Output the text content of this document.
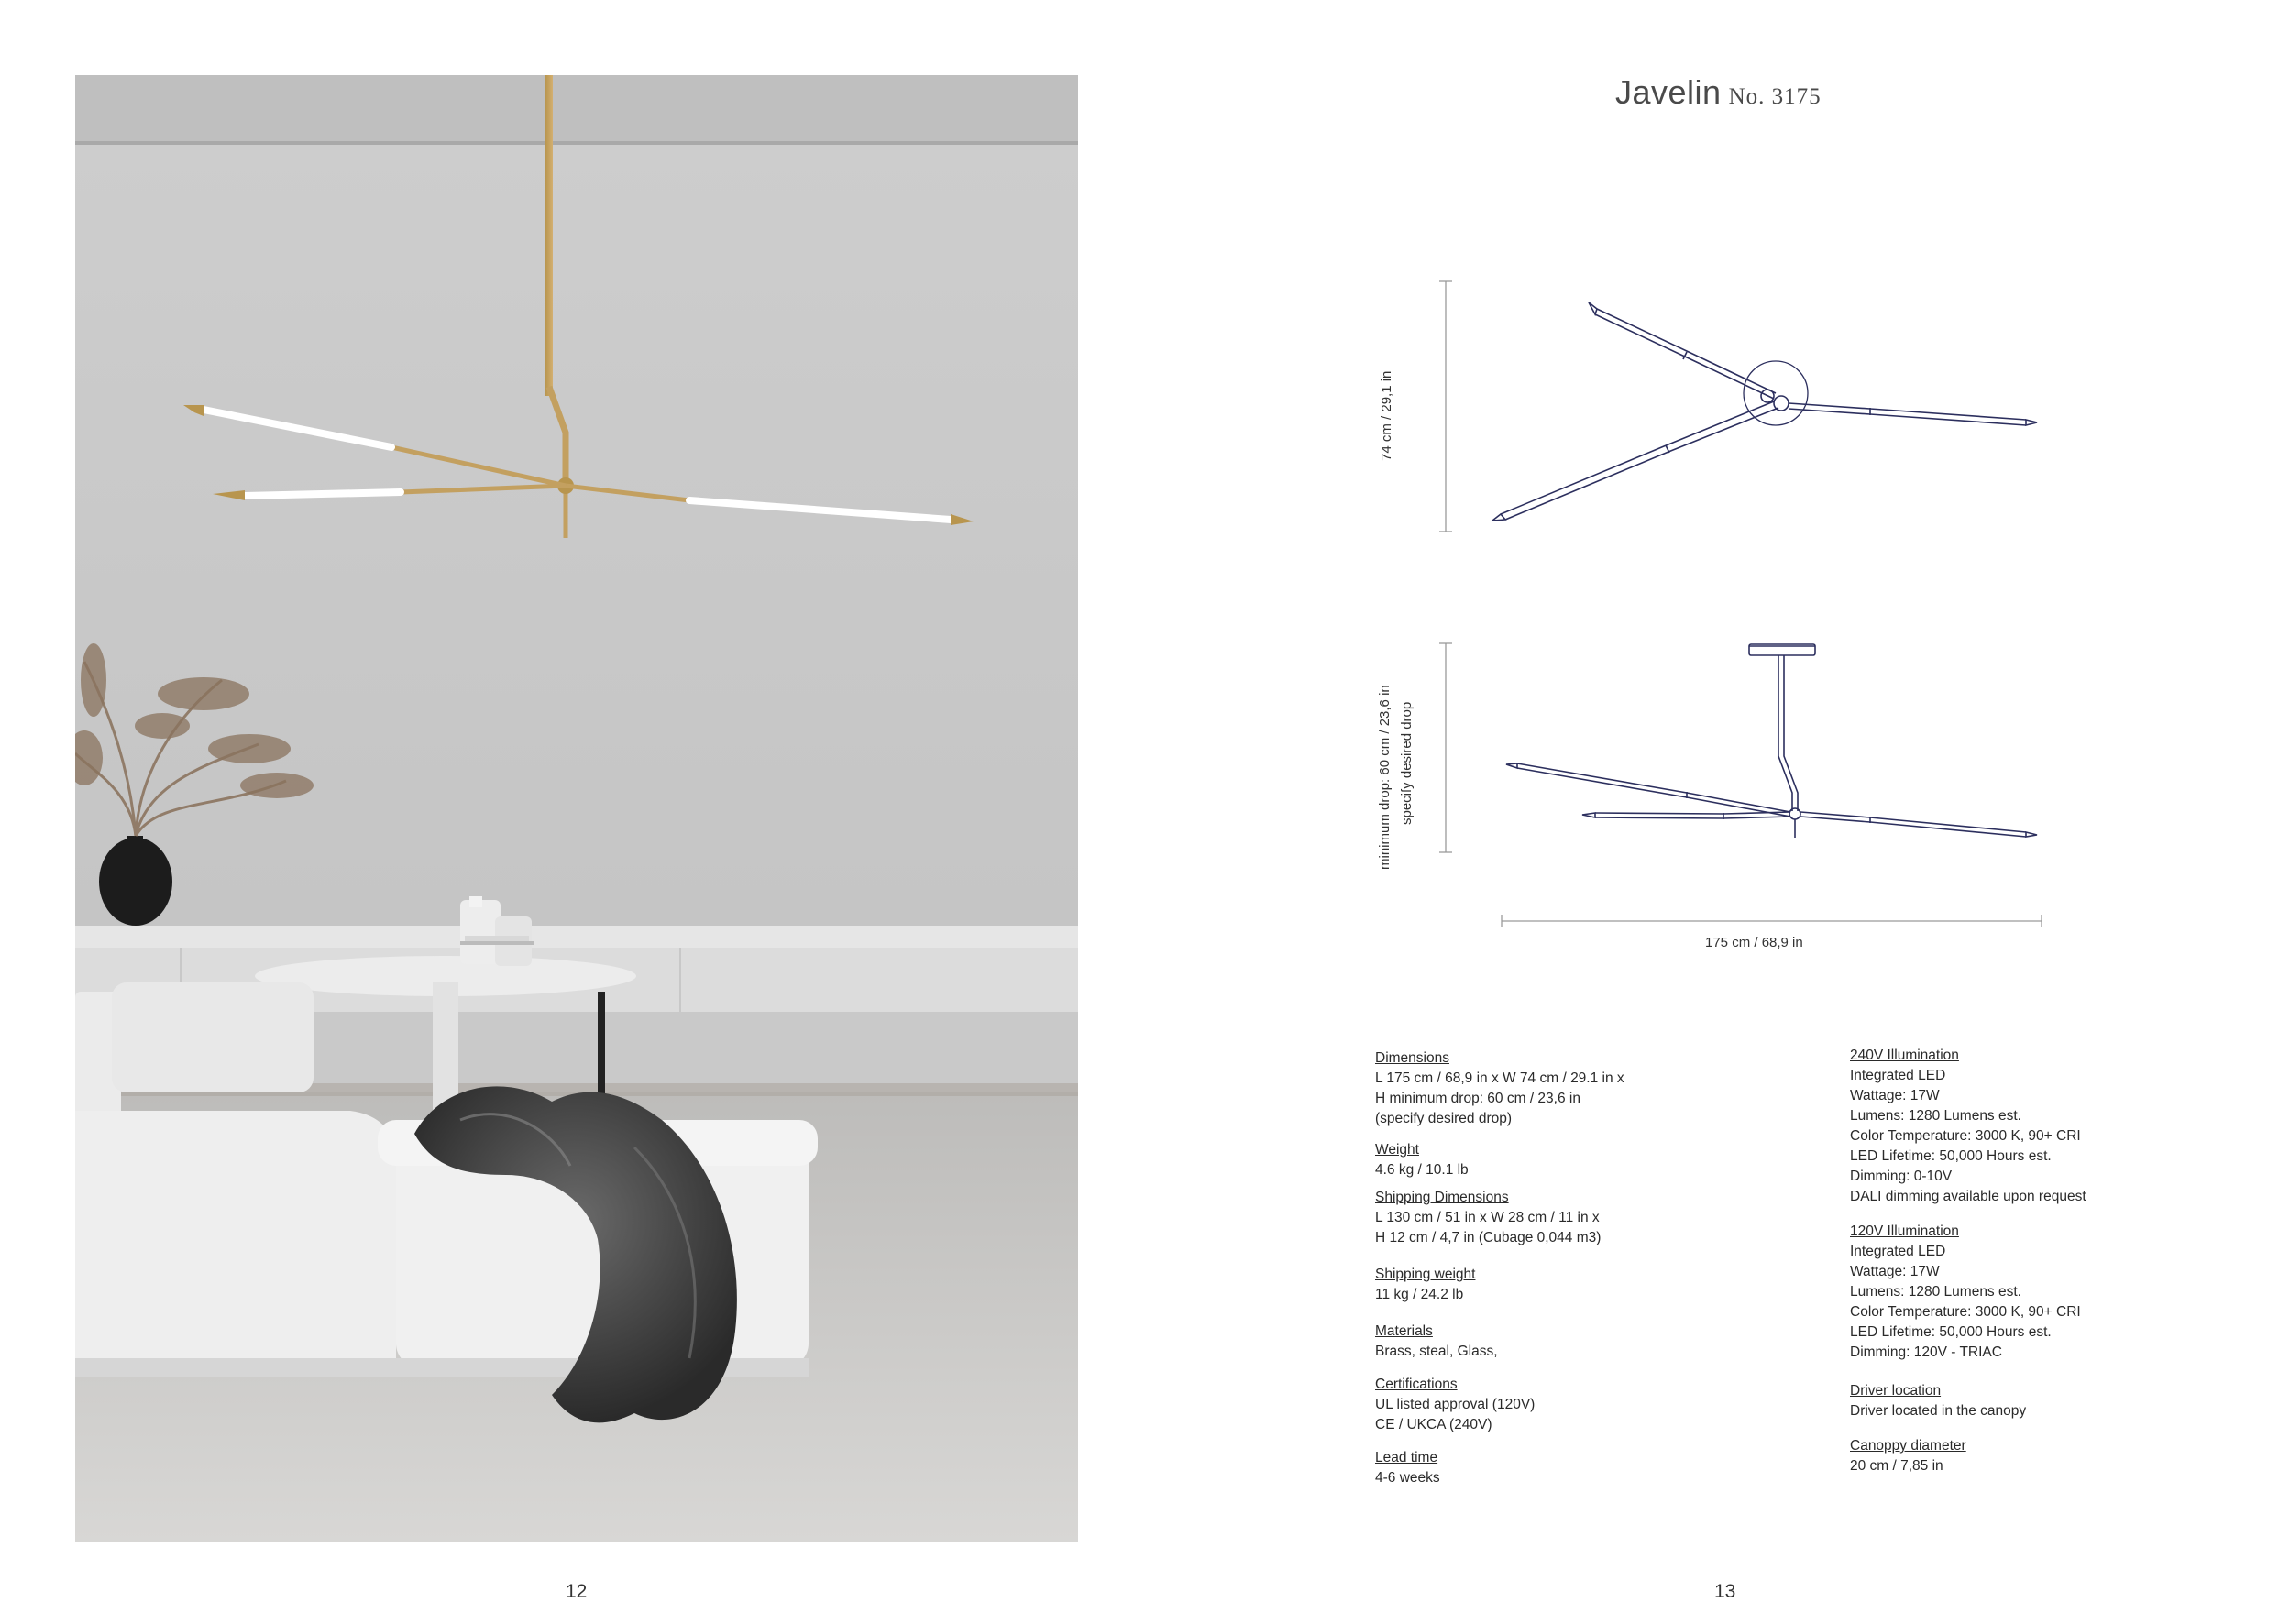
12
Javelin No. 3175
74 cm / 29,1 in
minimum drop: 60 cm / 23,6 in specify desired drop
175 cm / 68,9 in
Dimensions
L 175 cm / 68,9 in x W 74 cm / 29.1 in x
H minimum drop: 60 cm / 23,6 in
(specify desired drop)
Weight
4.6 kg / 10.1 lb
Shipping Dimensions
L 130 cm / 51 in x W 28 cm / 11 in x
H 12 cm / 4,7 in (Cubage 0,044 m3)
Shipping weight
11 kg / 24.2 lb
Materials
Brass, steal, Glass,
Certifications
UL listed approval (120V)
CE / UKCA (240V)
Lead time
4-6 weeks
240V Illumination
Integrated LED
Wattage: 17W
Lumens: 1280 Lumens est.
Color Temperature: 3000 K, 90+ CRI
LED Lifetime: 50,000 Hours est.
Dimming: 0-10V
DALI dimming available upon request
120V Illumination
Integrated LED
Wattage: 17W
Lumens: 1280 Lumens est.
Color Temperature: 3000 K, 90+ CRI
LED Lifetime: 50,000 Hours est.
Dimming: 120V - TRIAC
Driver location
Driver located in the canopy
Canoppy diameter
20 cm / 7,85 in
13
